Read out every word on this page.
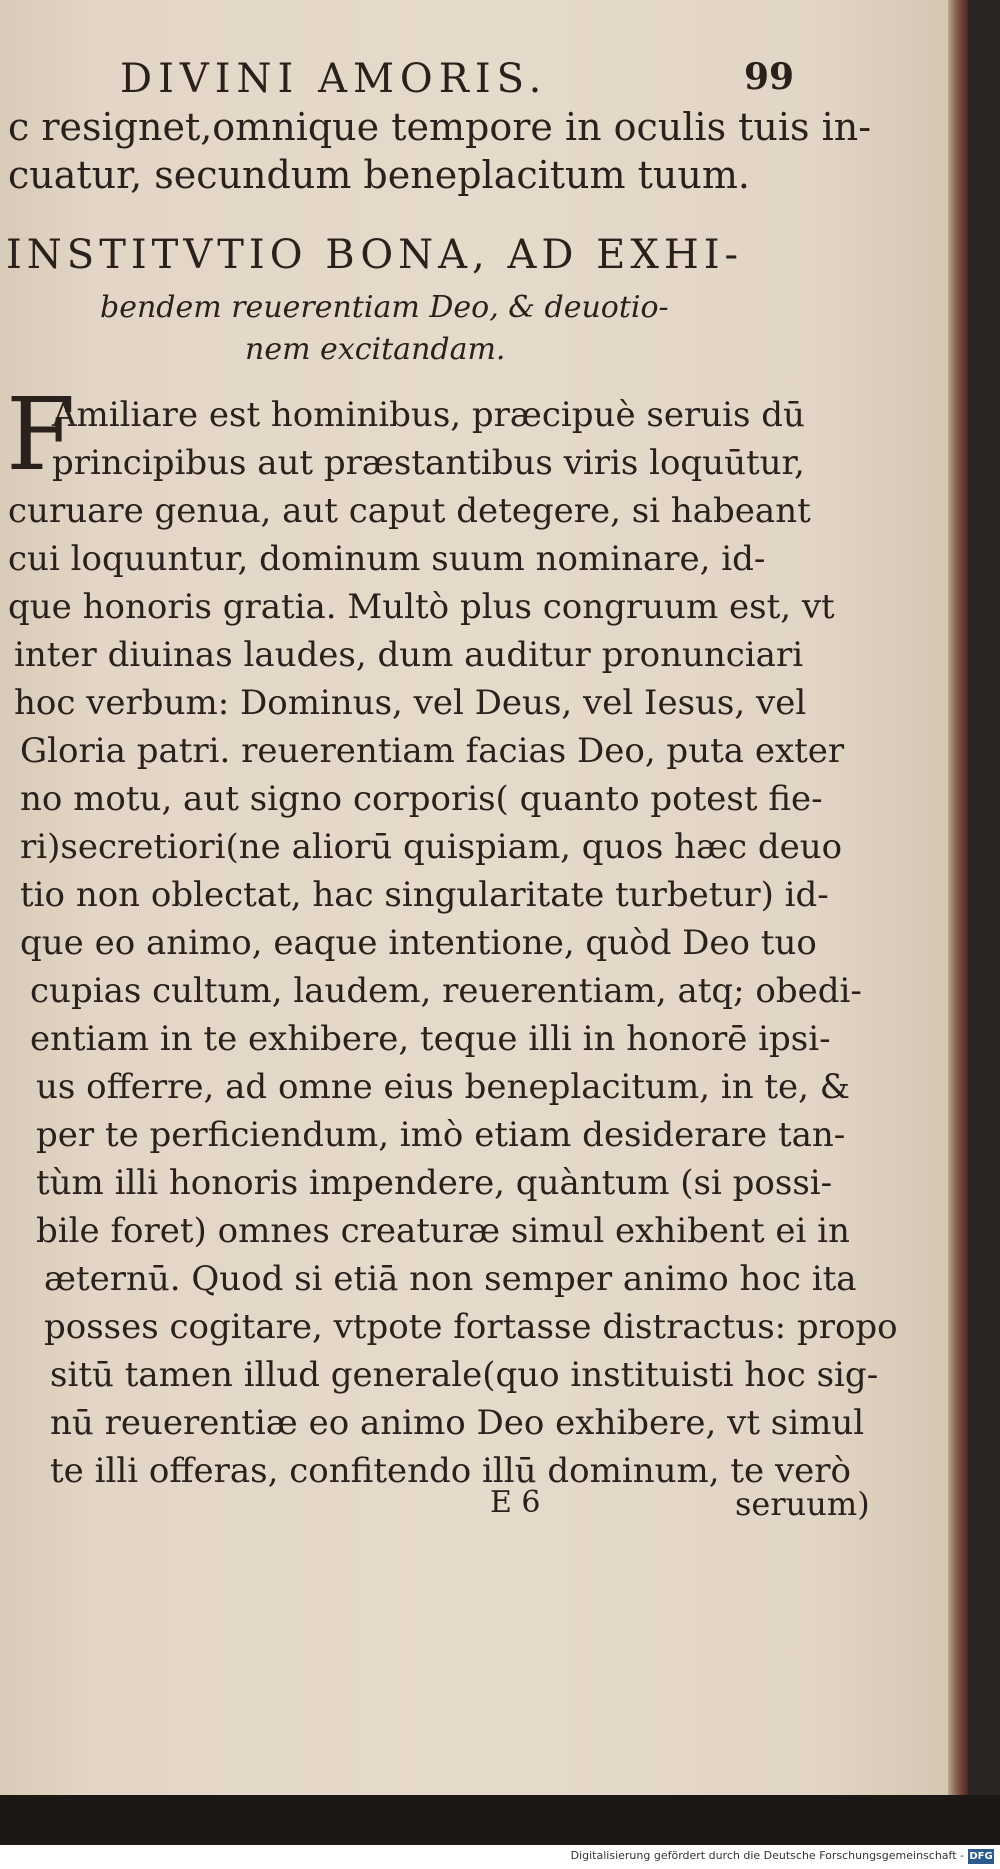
DIVINI AMORIS.	99
c resignet,omnique tempore in oculis tuis in-
cuatur, secundum beneplacitum tuum.
INSTITVTIO BONA, AD EXHI-
bendem reuerentiam Deo, & deuotio-
nem excitandam.
F
Amiliare est hominibus, præcipuè seruis dū
principibus aut præstantibus viris loquūtur,
curuare genua, aut caput detegere, si habeant
cui loquuntur, dominum suum nominare, id-
que honoris gratia. Multò plus congruum est, vt
inter diuinas laudes, dum auditur pronunciari
hoc verbum: Dominus, vel Deus, vel Iesus, vel
Gloria patri. reuerentiam facias Deo, puta exter
no motu, aut signo corporis( quanto potest fie-
ri)secretiori(ne aliorū quispiam, quos hæc deuo
tio non oblectat, hac singularitate turbetur) id-
que eo animo, eaque intentione, quòd Deo tuo
cupias cultum, laudem, reuerentiam, atq; obedi-
entiam in te exhibere, teque illi in honorē ipsi-
us offerre, ad omne eius beneplacitum, in te, &
per te perficiendum, imò etiam desiderare tan-
tùm illi honoris impendere, quàntum (si possi-
bile foret) omnes creaturæ simul exhibent ei in
æternū. Quod si etiā non semper animo hoc ita
posses cogitare, vtpote fortasse distractus: propo
sitū tamen illud generale(quo instituisti hoc sig-
nū reuerentiæ eo animo Deo exhibere, vt simul
te illi offeras, confitendo illū dominum, te verò
E 6	seruum)
Digitalisierung gefördert durch die Deutsche Forschungsgemeinschaft - DFG
